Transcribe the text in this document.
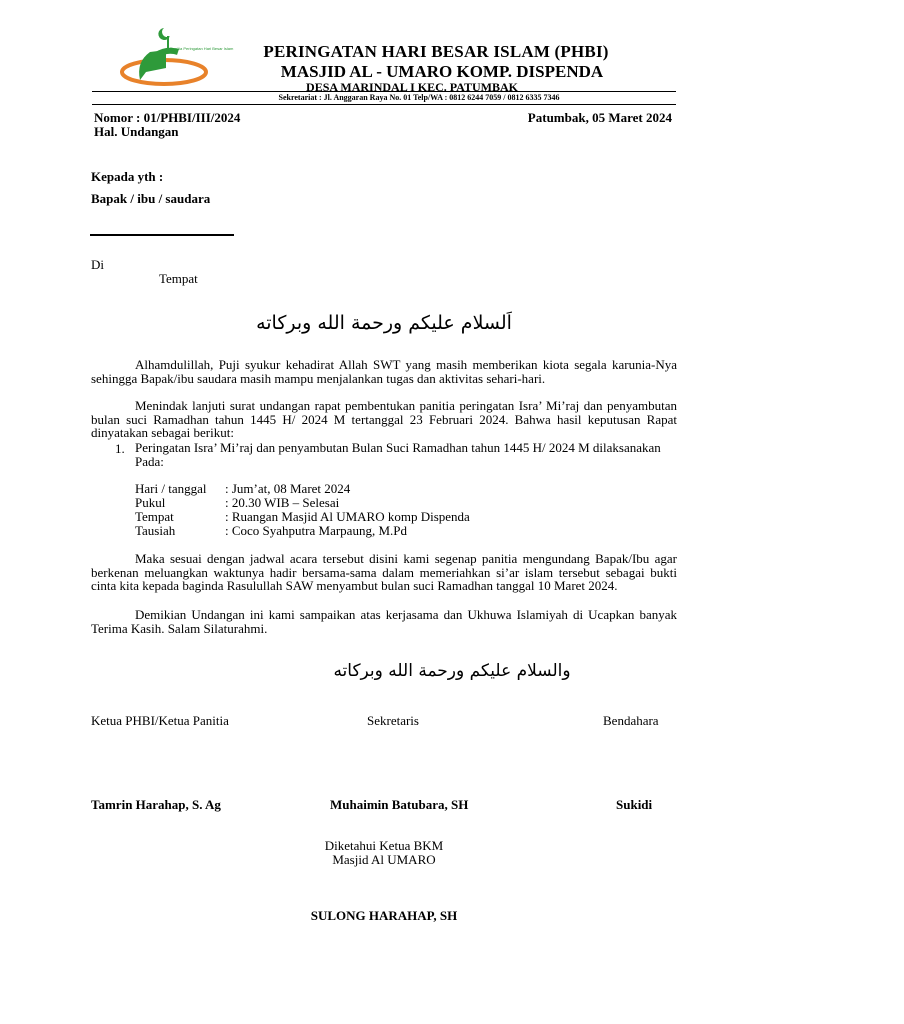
Panitia Peringatan Hari Besar Islam	PERINGATAN HARI BESAR ISLAM (PHBI)
MASJID AL - UMARO KOMP. DISPENDA
DESA MARINDAL I KEC. PATUMBAK
Sekretariat : Jl. Anggaran Raya No. 01 Telp/WA : 0812 6244 7059 / 0812 6335 7346
Nomor : 01/PHBI/III/2024
Hal. Undangan
Patumbak, 05 Maret 2024
Kepada yth :
Bapak / ibu / saudara
Di
Tempat
اَلسلام عليكم ورحمة الله وبركاته
Alhamdulillah, Puji syukur kehadirat Allah SWT yang masih memberikan kiota segala karunia-Nya sehingga Bapak/ibu saudara masih mampu menjalankan tugas dan aktivitas sehari-hari.
Menindak lanjuti surat undangan rapat pembentukan panitia peringatan Isra’ Mi’raj dan penyambutan bulan suci Ramadhan tahun 1445 H/ 2024 M tertanggal 23 Februari 2024. Bahwa hasil keputusan Rapat dinyatakan sebagai berikut:
1. Peringatan Isra’ Mi’raj dan penyambutan Bulan Suci Ramadhan tahun 1445 H/ 2024 M dilaksanakan Pada:
Hari / tanggal : Jum’at, 08 Maret 2024
Pukul	: 20.30 WIB – Selesai
Tempat	: Ruangan Masjid Al UMARO komp Dispenda
Tausiah	: Coco Syahputra Marpaung, M.Pd
Maka sesuai dengan jadwal acara tersebut disini kami segenap panitia mengundang Bapak/Ibu agar berkenan meluangkan waktunya hadir bersama-sama dalam memeriahkan si’ar islam tersebut sebagai bukti cinta kita kepada baginda Rasulullah SAW menyambut bulan suci Ramadhan tanggal 10 Maret 2024.
Demikian Undangan ini kami sampaikan atas kerjasama dan Ukhuwa Islamiyah di Ucapkan banyak Terima Kasih. Salam Silaturahmi.
والسلام عليكم ورحمة الله وبركاته
Ketua PHBI/Ketua Panitia	Sekretaris	Bendahara
Tamrin Harahap, S. Ag	Muhaimin Batubara, SH	Sukidi
Diketahui Ketua BKM
Masjid Al UMARO
SULONG HARAHAP, SH
